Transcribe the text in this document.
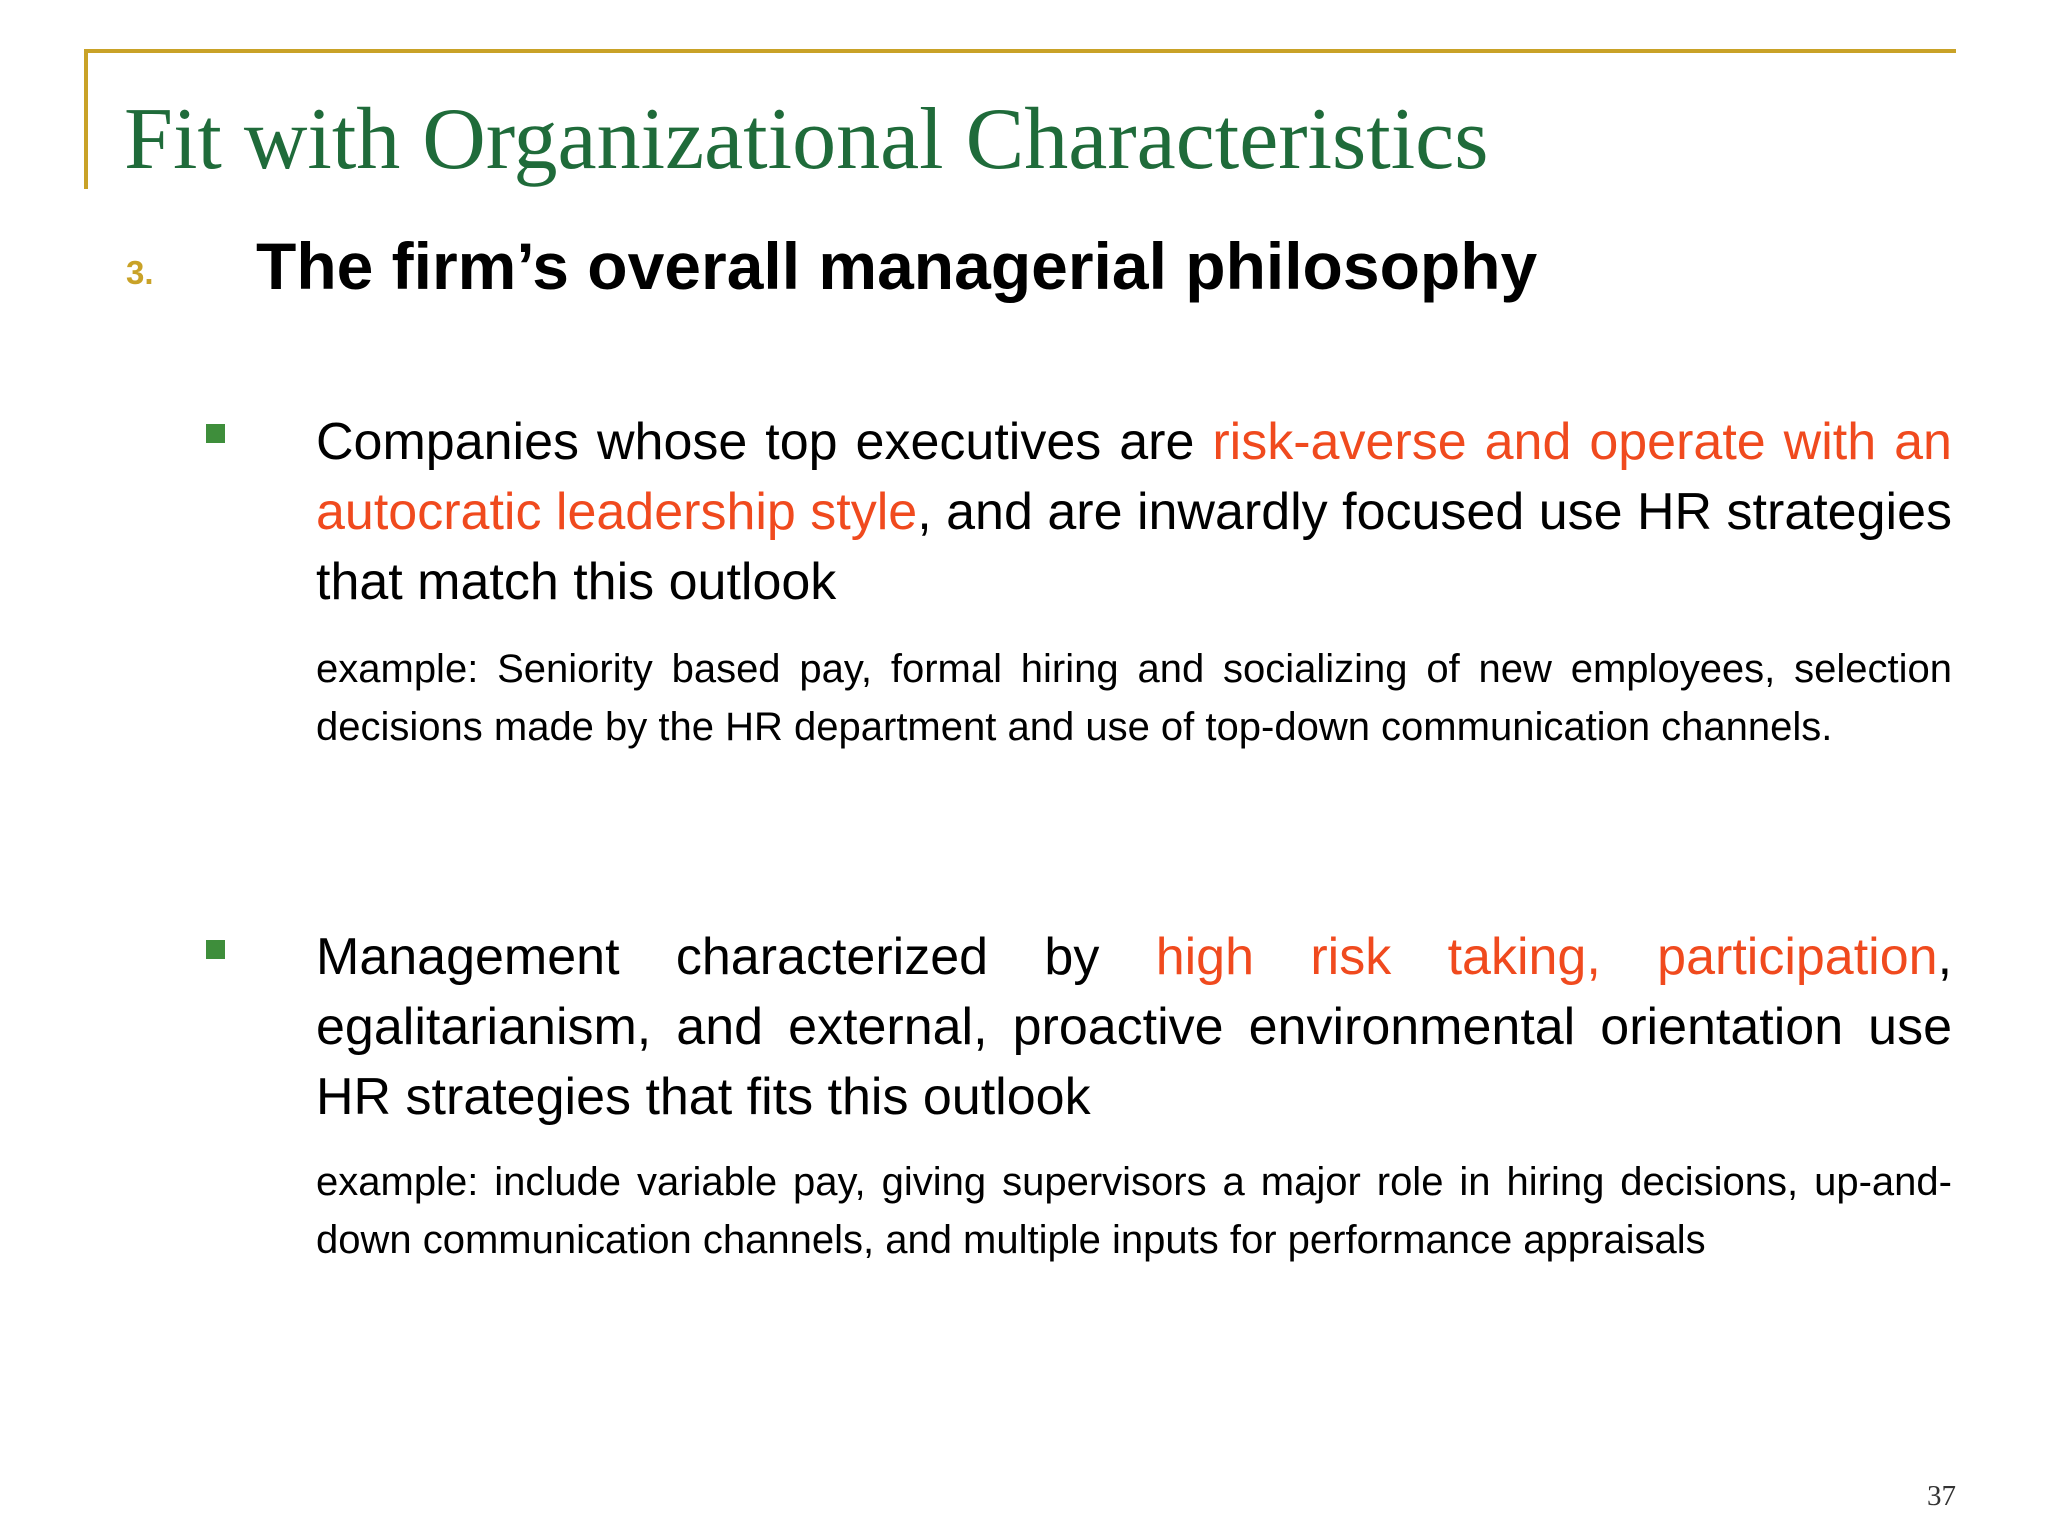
Fit with Organizational Characteristics
3. The firm’s overall managerial philosophy

Companies whose top executives are risk-averse and operate with an autocratic leadership style, and are inwardly focused use HR strategies that match this outlook

example: Seniority based pay, formal hiring and socializing of new employees, selection decisions made by the HR department and use of top-down communication channels.

Management characterized by high risk taking, participation, egalitarianism, and external, proactive environmental orientation use HR strategies that fits this outlook

example: include variable pay, giving supervisors a major role in hiring decisions, up-and-down communication channels, and multiple inputs for performance appraisals

37
